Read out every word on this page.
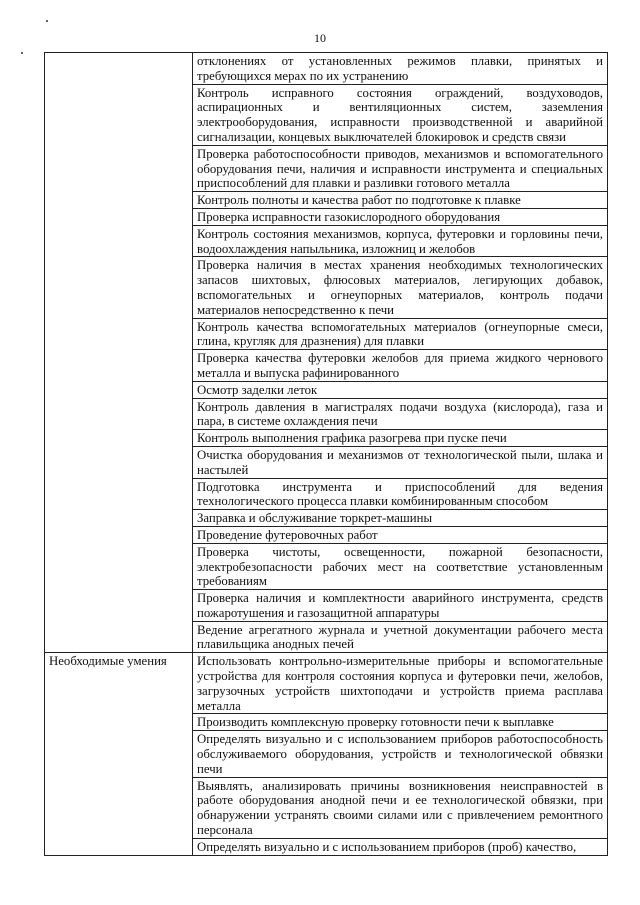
10
	отклонениях от установленных режимов плавки, принятых и требующихся мерах по их устранению
	Контроль исправного состояния ограждений, воздуховодов, аспирационных и вентиляционных систем, заземления электрооборудования, исправности производственной и аварийной сигнализации, концевых выключателей блокировок и средств связи
	Проверка работоспособности приводов, механизмов и вспомогательного оборудования печи, наличия и исправности инструмента и специальных приспособлений для плавки и разливки готового металла
	Контроль полноты и качества работ по подготовке к плавке
	Проверка исправности газокислородного оборудования
	Контроль состояния механизмов, корпуса, футеровки и горловины печи, водоохлаждения напыльника, изложниц и желобов
	Проверка наличия в местах хранения необходимых технологических запасов шихтовых, флюсовых материалов, легирующих добавок, вспомогательных и огнеупорных материалов, контроль подачи материалов непосредственно к печи
	Контроль качества вспомогательных материалов (огнеупорные смеси, глина, кругляк для дразнения) для плавки
	Проверка качества футеровки желобов для приема жидкого чернового металла и выпуска рафинированного
	Осмотр заделки леток
	Контроль давления в магистралях подачи воздуха (кислорода), газа и пара, в системе охлаждения печи
	Контроль выполнения графика разогрева при пуске печи
	Очистка оборудования и механизмов от технологической пыли, шлака и настылей
	Подготовка инструмента и приспособлений для ведения технологического процесса плавки комбинированным способом
	Заправка и обслуживание торкрет-машины
	Проведение футеровочных работ
	Проверка чистоты, освещенности, пожарной безопасности, электробезопасности рабочих мест на соответствие установленным требованиям
	Проверка наличия и комплектности аварийного инструмента, средств пожаротушения и газозащитной аппаратуры
	Ведение агрегатного журнала и учетной документации рабочего места плавильщика анодных печей
Необходимые умения	Использовать контрольно-измерительные приборы и вспомогательные устройства для контроля состояния корпуса и футеровки печи, желобов, загрузочных устройств шихтоподачи и устройств приема расплава металла
	Производить комплексную проверку готовности печи к выплавке
	Определять визуально и с использованием приборов работоспособность обслуживаемого оборудования, устройств и технологической обвязки печи
	Выявлять, анализировать причины возникновения неисправностей в работе оборудования анодной печи и ее технологической обвязки, при обнаружении устранять своими силами или с привлечением ремонтного персонала
	Определять визуально и с использованием приборов (проб) качество,
